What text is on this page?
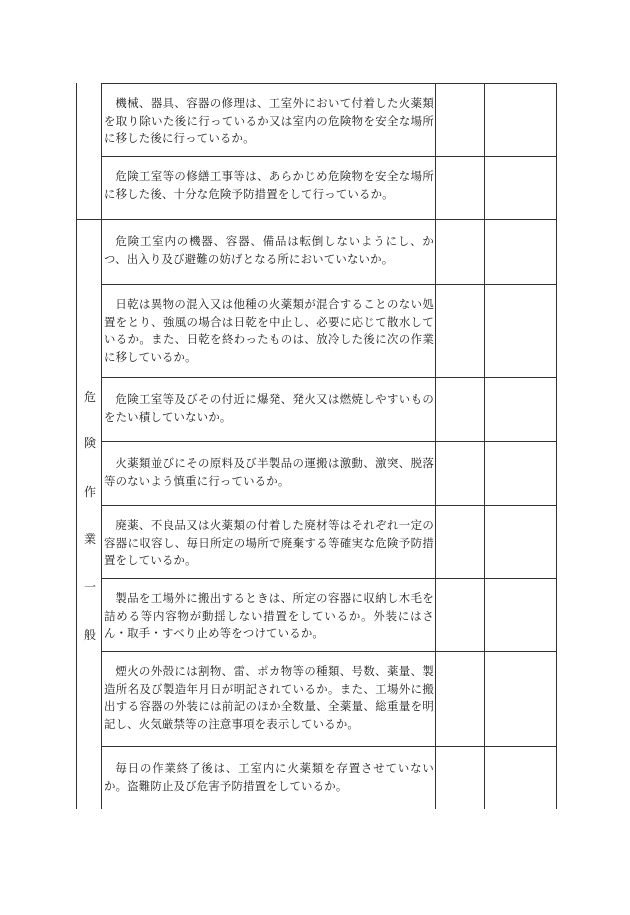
危
険
作
業
一
般

機械、器具、容器の修理は、工室外において付着した火薬類を取り除いた後に行っているか又は室内の危険物を安全な場所に移した後に行っているか。

危険工室等の修繕工事等は、あらかじめ危険物を安全な場所に移した後、十分な危険予防措置をして行っているか。

危険工室内の機器、容器、備品は転倒しないようにし、かつ、出入り及び避難の妨げとなる所においていないか。

日乾は異物の混入又は他種の火薬類が混合することのない処置をとり、強風の場合は日乾を中止し、必要に応じて散水しているか。また、日乾を終わったものは、放冷した後に次の作業に移しているか。

危険工室等及びその付近に爆発、発火又は燃焼しやすいものをたい積していないか。

火薬類並びにその原料及び半製品の運搬は激動、激突、脱落等のないよう慎重に行っているか。

廃薬、不良品又は火薬類の付着した廃材等はそれぞれ一定の容器に収容し、毎日所定の場所で廃棄する等確実な危険予防措置をしているか。

製品を工場外に搬出するときは、所定の容器に収納し木毛を詰める等内容物が動揺しない措置をしているか。外装にはさん・取手・すべり止め等をつけているか。

煙火の外殻には割物、雷、ポカ物等の種類、号数、薬量、製造所名及び製造年月日が明記されているか。また、工場外に搬出する容器の外装には前記のほか全数量、全薬量、総重量を明記し、火気厳禁等の注意事項を表示しているか。

毎日の作業終了後は、工室内に火薬類を存置させていないか。盗難防止及び危害予防措置をしているか。
